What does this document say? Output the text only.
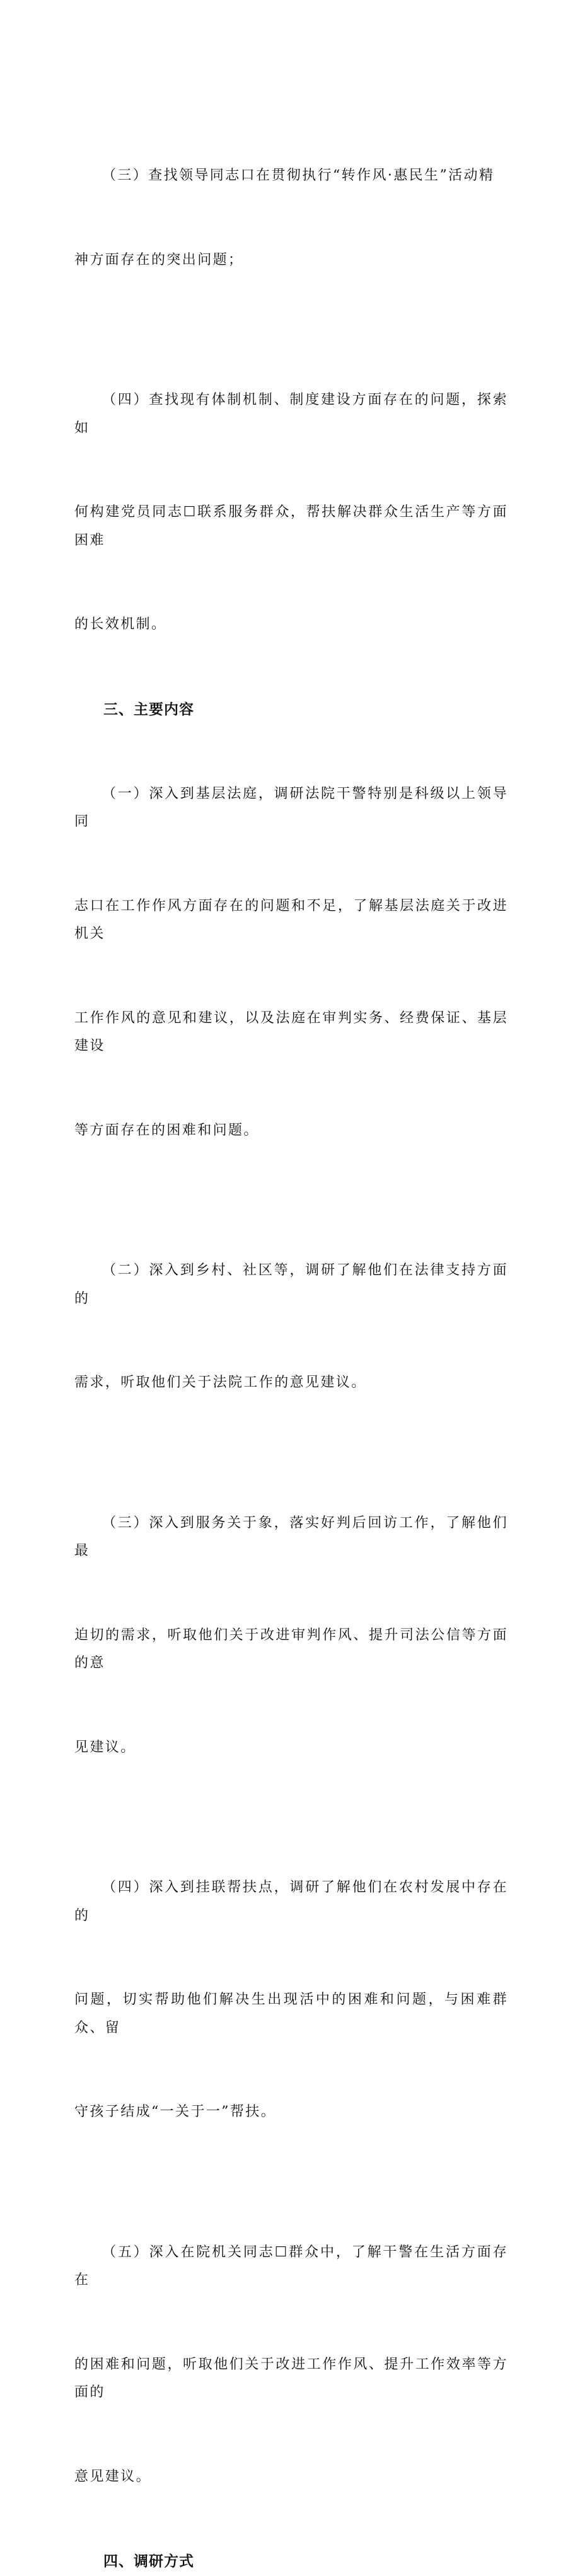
（三）查找领导同志口在贯彻执行“转作风·惠民生”活动精

神方面存在的突出问题；

（四）查找现有体制机制、制度建设方面存在的问题，探索如

何构建党员同志☐联系服务群众，帮扶解决群众生活生产等方面困难

的长效机制。

三、主要内容

（一）深入到基层法庭，调研法院干警特别是科级以上领导同

志口在工作作风方面存在的问题和不足，了解基层法庭关于改进机关

工作作风的意见和建议，以及法庭在审判实务、经费保证、基层建设

等方面存在的困难和问题。

（二）深入到乡村、社区等，调研了解他们在法律支持方面的

需求，听取他们关于法院工作的意见建议。

（三）深入到服务关于象，落实好判后回访工作，了解他们最

迫切的需求，听取他们关于改进审判作风、提升司法公信等方面的意

见建议。

（四）深入到挂联帮扶点，调研了解他们在农村发展中存在的

问题，切实帮助他们解决生出现活中的困难和问题，与困难群众、留

守孩子结成“一关于一”帮扶。

（五）深入在院机关同志☐群众中，了解干警在生活方面存在

的困难和问题，听取他们关于改进工作作风、提升工作效率等方面的

意见建议。

四、调研方式
